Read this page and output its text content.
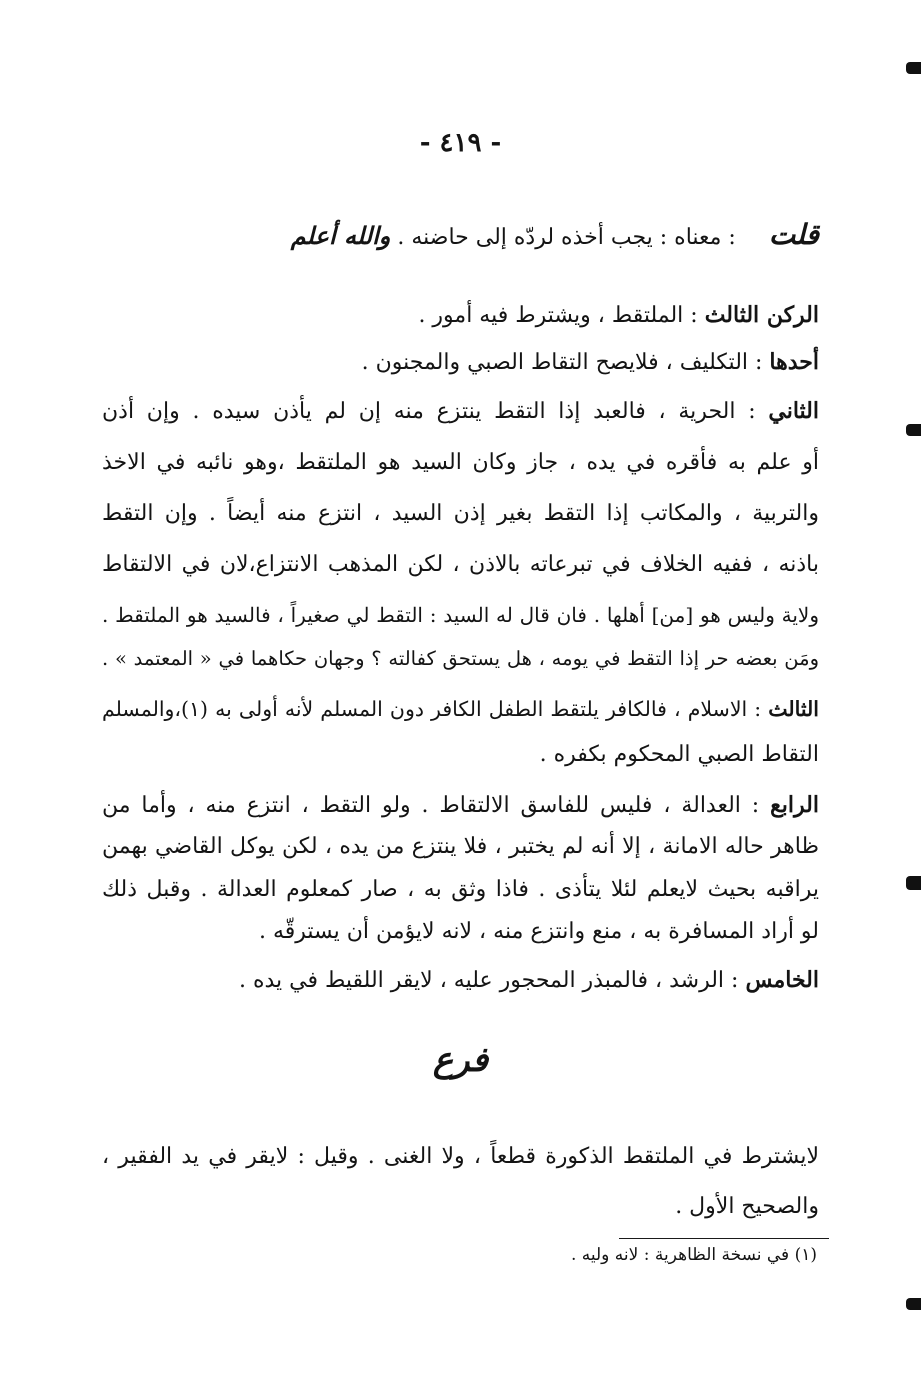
- ٤١٩ -
قلت : معناه : يجب أخذه لردّه إلى حاضنه . والله أعلم
الركن الثالث : الملتقط ، ويشترط فيه أمور .
أحدها : التكليف ، فلايصح التقاط الصبي والمجنون .
الثاني : الحرية ، فالعبد إذا التقط ينتزع منه إن لم يأذن سيده . وإن أذن
أو علم به فأقره في يده ، جاز وكان السيد هو الملتقط ،وهو نائبه في الاخذ
والتربية ، والمكاتب إذا التقط بغير إذن السيد ، انتزع منه أيضاً . وإن التقط
باذنه ، ففيه الخلاف في تبرعاته بالاذن ، لكن المذهب الانتزاع،لان في الالتقاط
ولاية وليس هو [من] أهلها . فان قال له السيد : التقط لي صغيراً ، فالسيد هو الملتقط .
ومَن بعضه حر إذا التقط في يومه ، هل يستحق كفالته ؟ وجهان حكاهما في « المعتمد » .
الثالث : الاسلام ، فالكافر يلتقط الطفل الكافر دون المسلم لأنه أولى به (١)،والمسلم
التقاط الصبي المحكوم بكفره .
الرابع : العدالة ، فليس للفاسق الالتقاط . ولو التقط ، انتزع منه ، وأما من
ظاهر حاله الامانة ، إلا أنه لم يختبر ، فلا ينتزع من يده ، لكن يوكل القاضي بهمن
يراقبه بحيث لايعلم لئلا يتأذى . فاذا وثق به ، صار كمعلوم العدالة . وقبل ذلك
لو أراد المسافرة به ، منع وانتزع منه ، لانه لايؤمن أن يسترقّه .
الخامس : الرشد ، فالمبذر المحجور عليه ، لايقر اللقيط في يده .
فرع
لايشترط في الملتقط الذكورة قطعاً ، ولا الغنى . وقيل : لايقر في يد الفقير ،
والصحيح الأول .
(١) في نسخة الظاهرية : لانه وليه .
